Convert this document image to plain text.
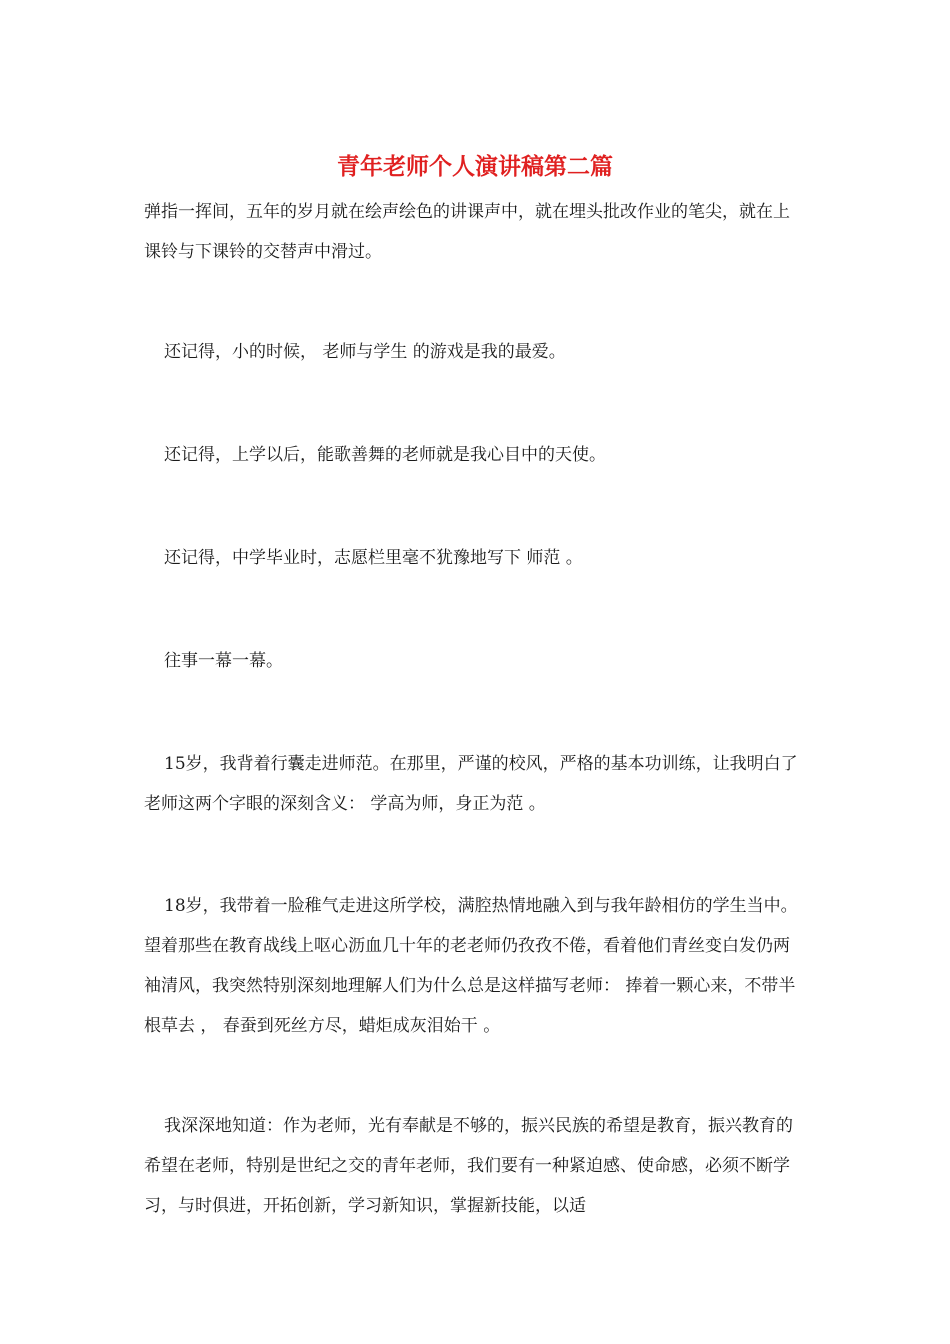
青年老师个人演讲稿第二篇

弹指一挥间，五年的岁月就在绘声绘色的讲课声中，就在埋头批改作业的笔尖，就在上课铃与下课铃的交替声中滑过。

还记得，小的时候， 老师与学生 的游戏是我的最爱。

还记得，上学以后，能歌善舞的老师就是我心目中的天使。

还记得，中学毕业时，志愿栏里毫不犹豫地写下 师范 。

往事一幕一幕。

15岁，我背着行囊走进师范。在那里，严谨的校风，严格的基本功训练，让我明白了老师这两个字眼的深刻含义： 学高为师，身正为范 。

18岁，我带着一脸稚气走进这所学校，满腔热情地融入到与我年龄相仿的学生当中。望着那些在教育战线上呕心沥血几十年的老老师仍孜孜不倦，看着他们青丝变白发仍两袖清风，我突然特别深刻地理解人们为什么总是这样描写老师： 捧着一颗心来，不带半根草去 ， 春蚕到死丝方尽，蜡炬成灰泪始干 。

我深深地知道：作为老师，光有奉献是不够的，振兴民族的希望是教育，振兴教育的希望在老师，特别是世纪之交的青年老师，我们要有一种紧迫感、使命感，必须不断学习，与时俱进，开拓创新，学习新知识，掌握新技能，以适
